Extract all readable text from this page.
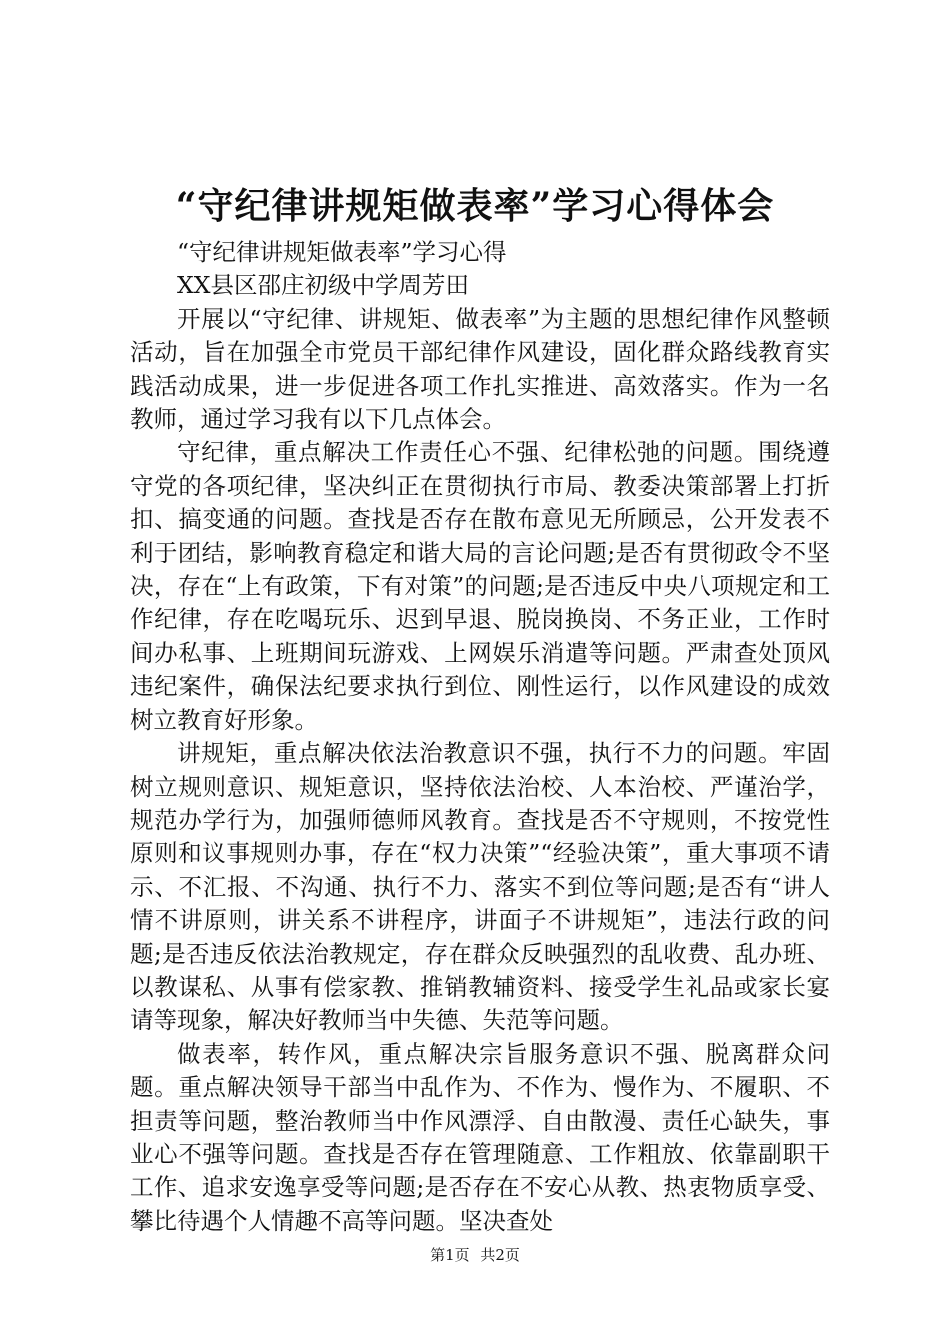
“守纪律讲规矩做表率”学习心得体会

“守纪律讲规矩做表率”学习心得

XX县区邵庄初级中学周芳田

开展以“守纪律、讲规矩、做表率”为主题的思想纪律作风整顿活动，旨在加强全市党员干部纪律作风建设，固化群众路线教育实践活动成果，进一步促进各项工作扎实推进、高效落实。作为一名教师，通过学习我有以下几点体会。

守纪律，重点解决工作责任心不强、纪律松弛的问题。围绕遵守党的各项纪律，坚决纠正在贯彻执行市局、教委决策部署上打折扣、搞变通的问题。查找是否存在散布意见无所顾忌，公开发表不利于团结，影响教育稳定和谐大局的言论问题;是否有贯彻政令不坚决，存在“上有政策，下有对策”的问题;是否违反中央八项规定和工作纪律，存在吃喝玩乐、迟到早退、脱岗换岗、不务正业，工作时间办私事、上班期间玩游戏、上网娱乐消遣等问题。严肃查处顶风违纪案件，确保法纪要求执行到位、刚性运行，以作风建设的成效树立教育好形象。

讲规矩，重点解决依法治教意识不强，执行不力的问题。牢固树立规则意识、规矩意识，坚持依法治校、人本治校、严谨治学，规范办学行为，加强师德师风教育。查找是否不守规则，不按党性原则和议事规则办事，存在“权力决策”“经验决策”，重大事项不请示、不汇报、不沟通、执行不力、落实不到位等问题;是否有“讲人情不讲原则，讲关系不讲程序，讲面子不讲规矩”，违法行政的问题;是否违反依法治教规定，存在群众反映强烈的乱收费、乱办班、以教谋私、从事有偿家教、推销教辅资料、接受学生礼品或家长宴请等现象，解决好教师当中失德、失范等问题。

做表率，转作风，重点解决宗旨服务意识不强、脱离群众问题。重点解决领导干部当中乱作为、不作为、慢作为、不履职、不担责等问题，整治教师当中作风漂浮、自由散漫、责任心缺失，事业心不强等问题。查找是否存在管理随意、工作粗放、依靠副职干工作、追求安逸享受等问题;是否存在不安心从教、热衷物质享受、攀比待遇个人情趣不高等问题。坚决查处

第1页 共2页
